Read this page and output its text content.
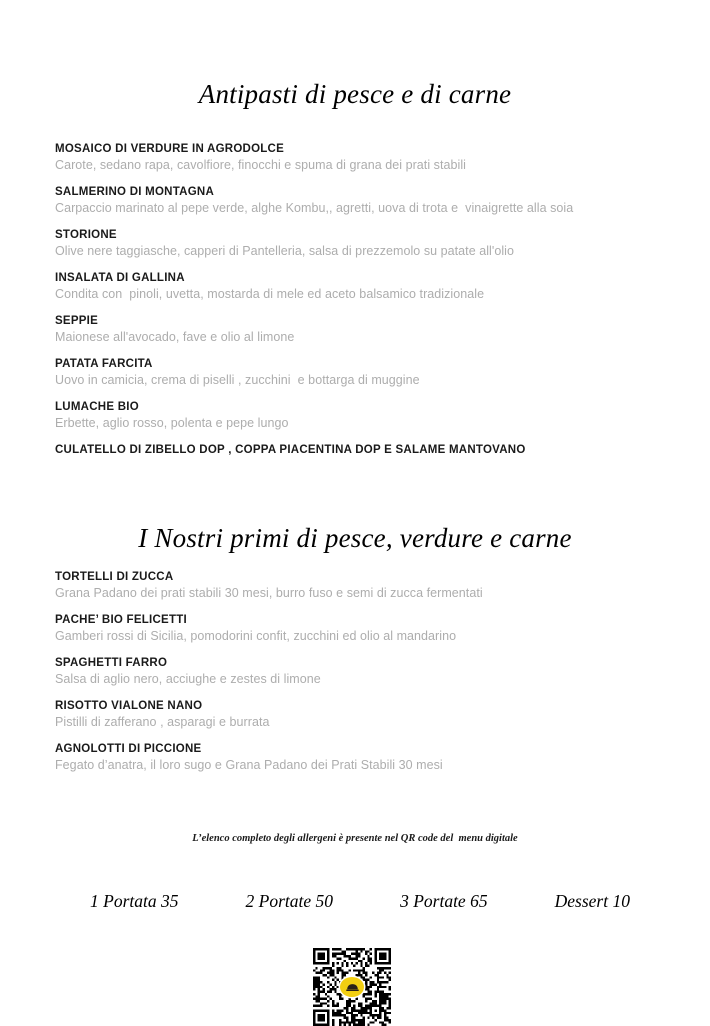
Antipasti di pesce e di carne
MOSAICO DI VERDURE IN AGRODOLCE
Carote, sedano rapa, cavolfiore, finocchi e spuma di grana dei prati stabili
SALMERINO DI MONTAGNA
Carpaccio marinato al pepe verde, alghe Kombu,, agretti, uova di trota e  vinaigrette alla soia
STORIONE
Olive nere taggiasche, capperi di Pantelleria, salsa di prezzemolo su patate all'olio
INSALATA DI GALLINA
Condita con  pinoli, uvetta, mostarda di mele ed aceto balsamico tradizionale
SEPPIE
Maionese all'avocado, fave e olio al limone
PATATA FARCITA
Uovo in camicia, crema di piselli , zucchini  e bottarga di muggine
LUMACHE BIO
Erbette, aglio rosso, polenta e pepe lungo
CULATELLO DI ZIBELLO DOP , COPPA PIACENTINA DOP E SALAME MANTOVANO
I Nostri primi di pesce, verdure e carne
TORTELLI DI ZUCCA
Grana Padano dei prati stabili 30 mesi, burro fuso e semi di zucca fermentati
PACHE’ BIO FELICETTI
Gamberi rossi di Sicilia, pomodorini confit, zucchini ed olio al mandarino
SPAGHETTI FARRO
Salsa di aglio nero, acciughe e zestes di limone
RISOTTO VIALONE NANO
Pistilli di zafferano , asparagi e burrata
AGNOLOTTI DI PICCIONE
Fegato d’anatra, il loro sugo e Grana Padano dei Prati Stabili 30 mesi
L’elenco completo degli allergeni è presente nel QR code del  menu digitale
1 Portata 35	2 Portate 50	3 Portate 65	Dessert 10
